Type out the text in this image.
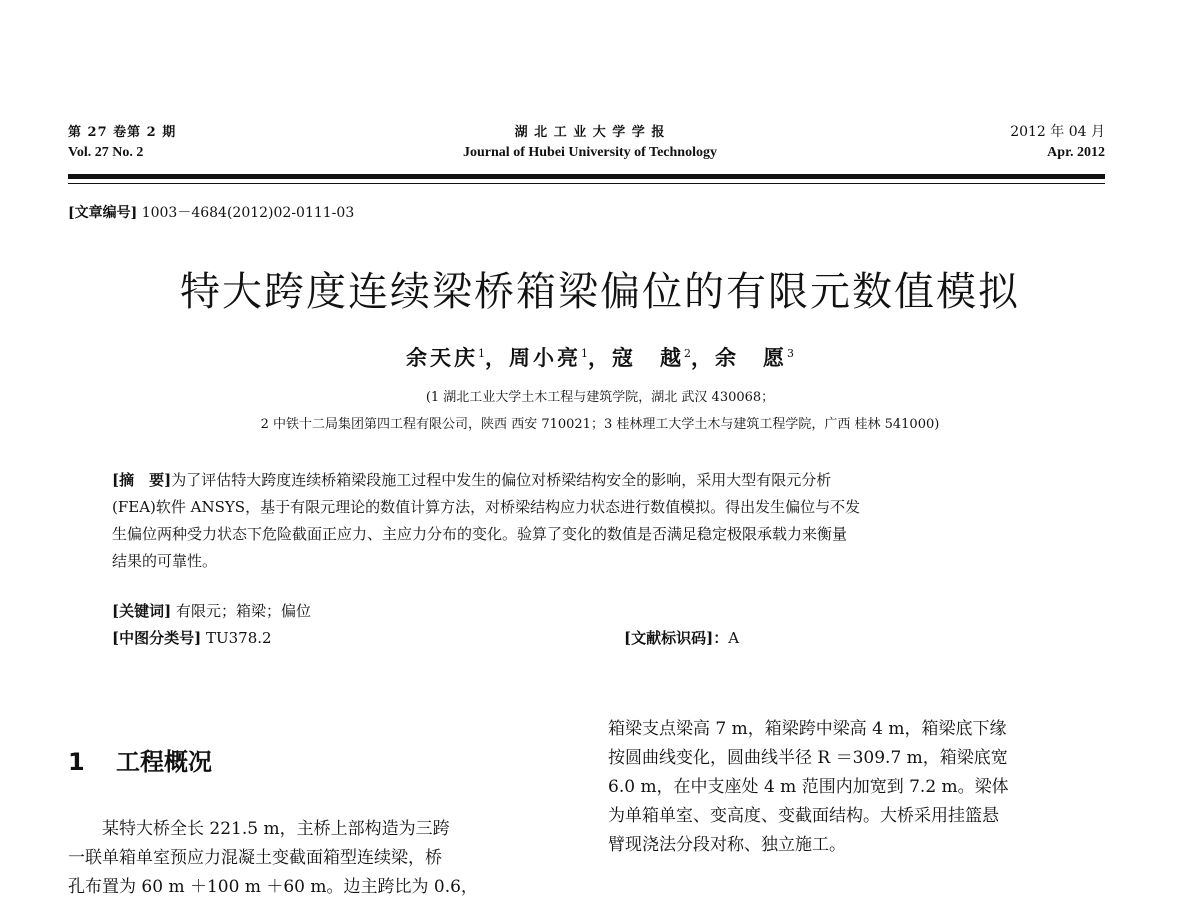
第 27 卷第 2 期
Vol. 27 No. 2
湖 北 工 业 大 学 学 报
Journal of Hubei University of Technology
2012 年 04 月
Apr. 2012
[文章编号] 1003－4684(2012)02-0111-03
特大跨度连续梁桥箱梁偏位的有限元数值模拟
余天庆$^1$，周小亮$^1$，寇　越$^2$，余　愿$^3$
(1 湖北工业大学土木工程与建筑学院，湖北 武汉 430068；
2 中铁十二局集团第四工程有限公司，陕西 西安 710021；3 桂林理工大学土木与建筑工程学院，广西 桂林 541000)
[摘　要]为了评估特大跨度连续桥箱梁段施工过程中发生的偏位对桥梁结构安全的影响，采用大型有限元分析
(FEA)软件 ANSYS，基于有限元理论的数值计算方法，对桥梁结构应力状态进行数值模拟。得出发生偏位与不发
生偏位两种受力状态下危险截面正应力、主应力分布的变化。验算了变化的数值是否满足稳定极限承载力来衡量
结果的可靠性。
[关键词] 有限元；箱梁；偏位
[中图分类号] TU378.2	[文献标识码]：A
1 工程概况
　　某特大桥全长 221.5 m，主桥上部构造为三跨
一联单箱单室预应力混凝土变截面箱型连续梁，桥
孔布置为 60 m ＋100 m ＋60 m。边主跨比为 0.6，
箱梁支点梁高 7 m，箱梁跨中梁高 4 m，箱梁底下缘
按圆曲线变化，圆曲线半径 R ＝309.7 m，箱梁底宽
6.0 m，在中支座处 4 m 范围内加宽到 7.2 m。梁体
为单箱单室、变高度、变截面结构。大桥采用挂篮悬
臂现浇法分段对称、独立施工。
